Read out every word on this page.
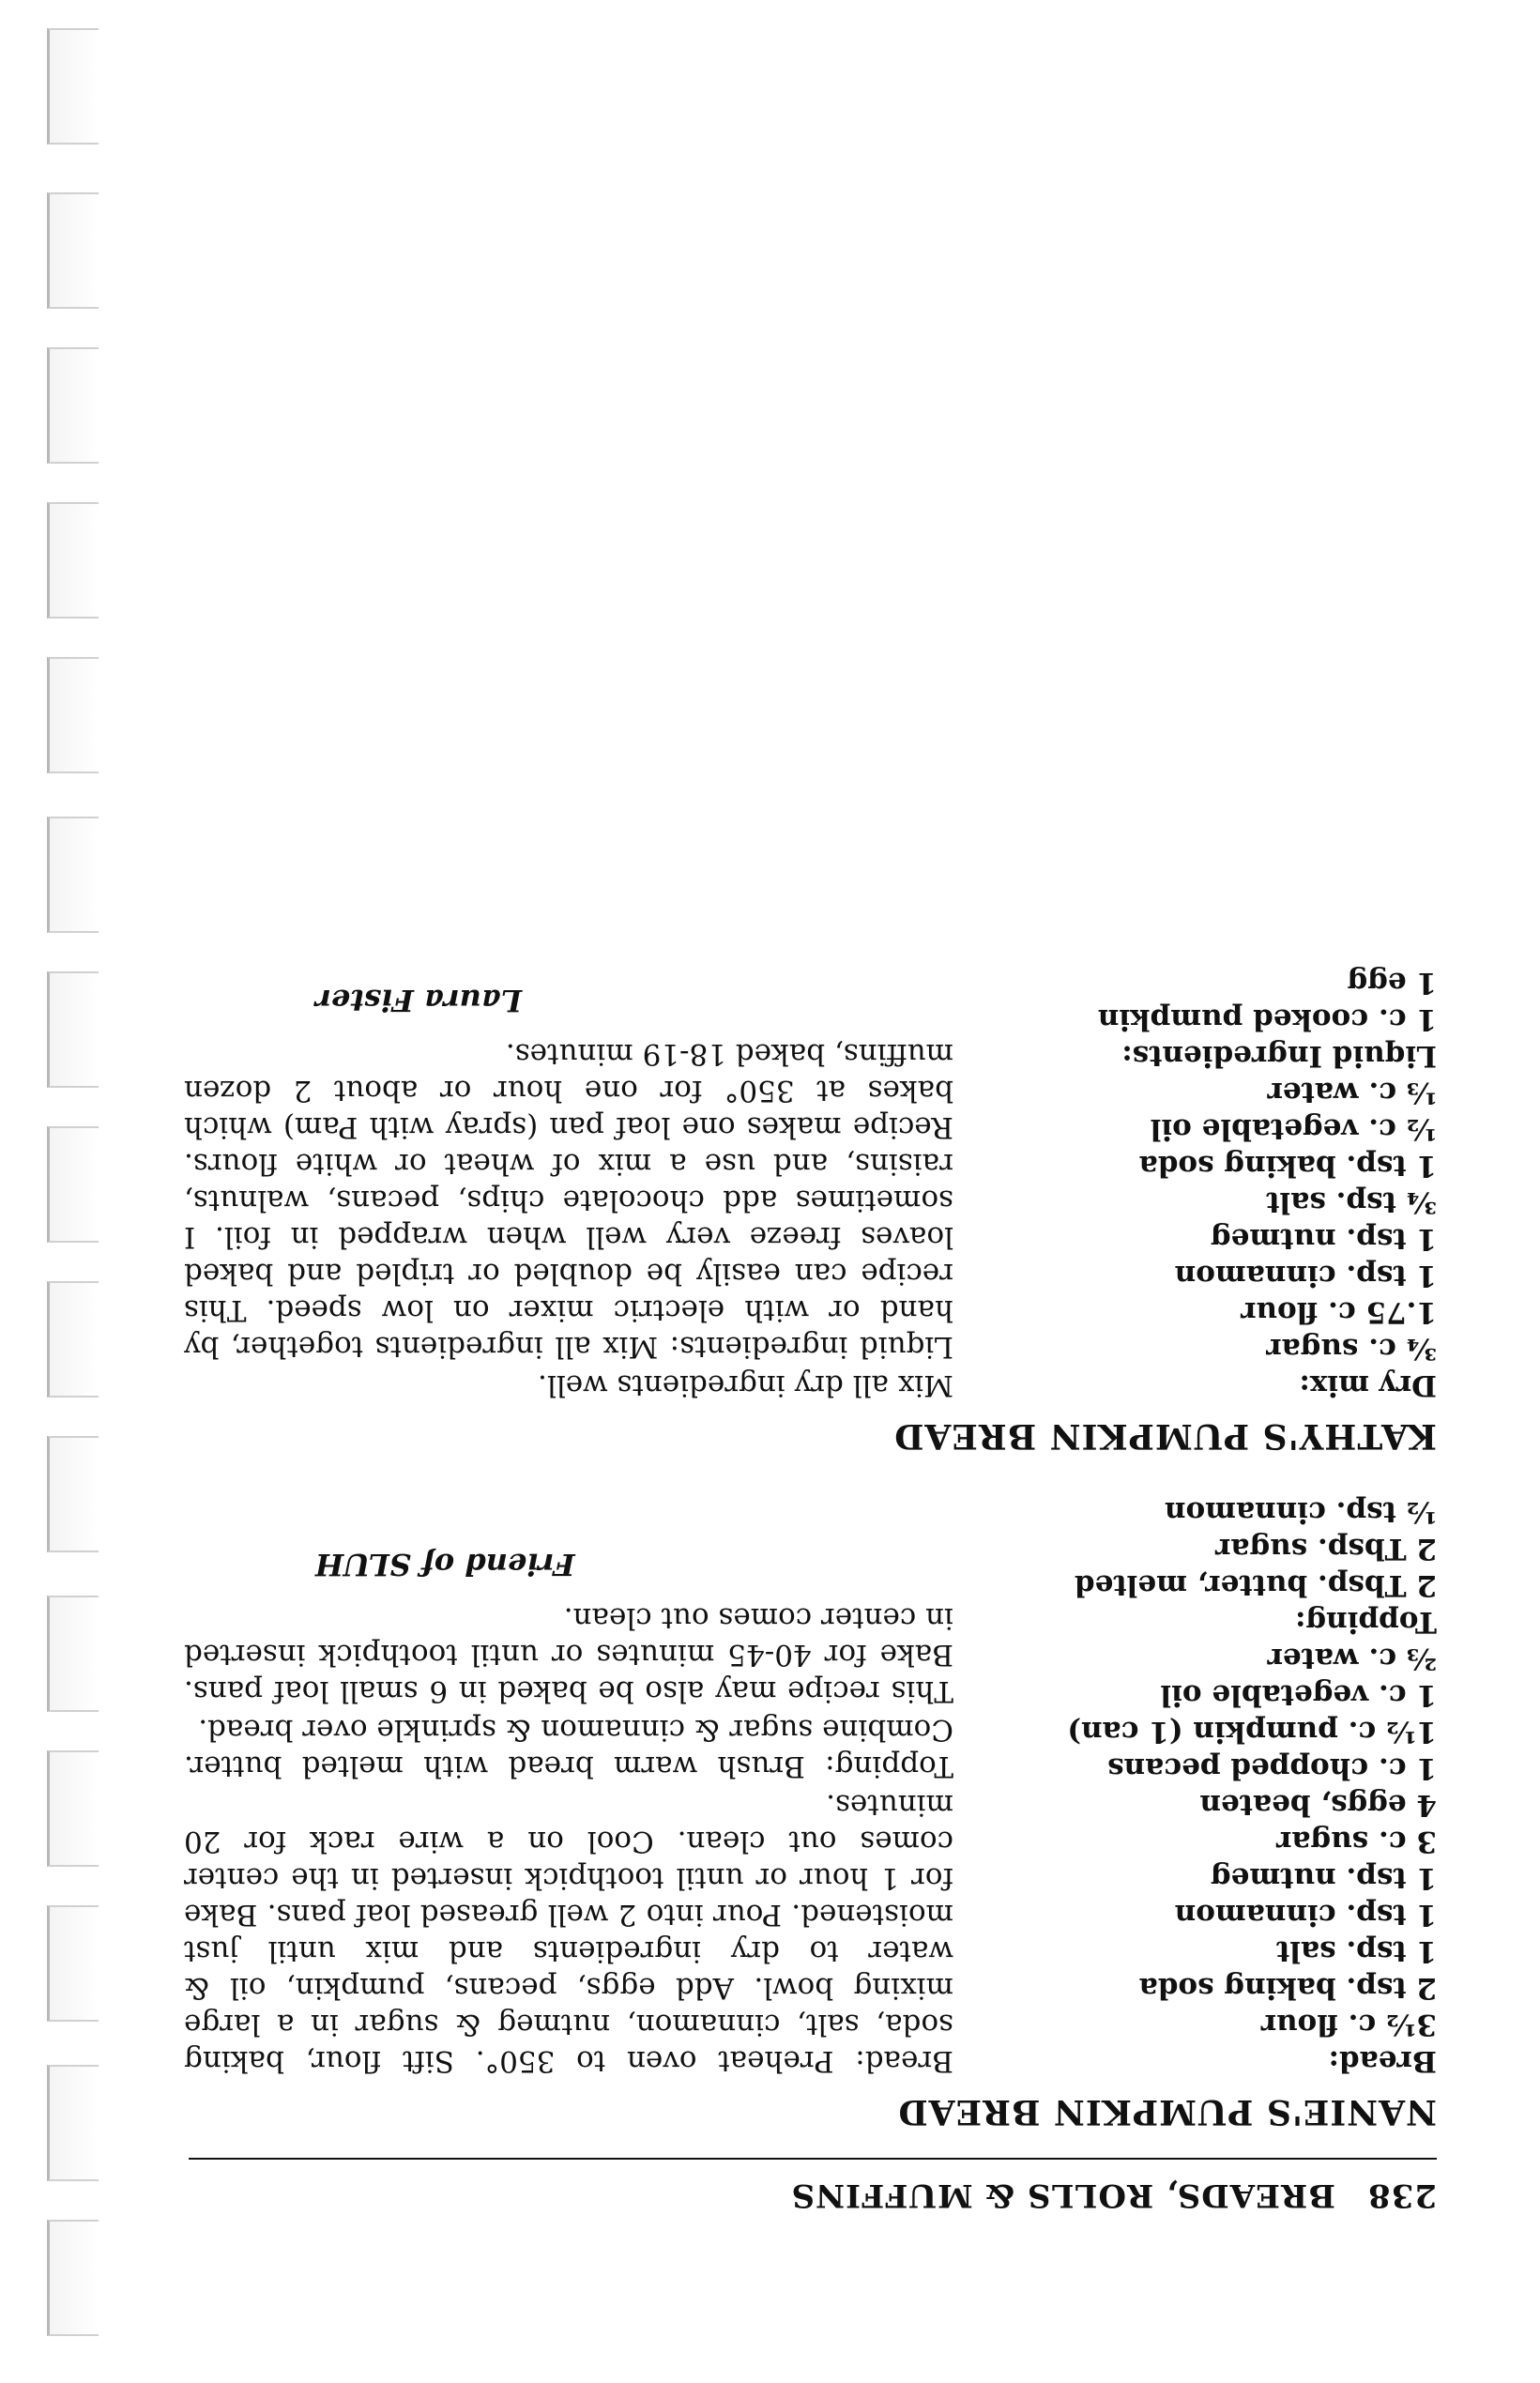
238
BREADS, ROLLS & MUFFINS
NANIE'S PUMPKIN BREAD
Bread:
3½ c. flour
2 tsp. baking soda
1 tsp. salt
1 tsp. cinnamon
1 tsp. nutmeg
3 c. sugar
4 eggs, beaten
1 c. chopped pecans
1½ c. pumpkin (1 can)
1 c. vegetable oil
⅔ c. water
Topping:
2 Tbsp. butter, melted
2 Tbsp. sugar
½ tsp. cinnamon

Bread: Preheat oven to 350°. Sift flour, baking soda, salt, cinnamon, nutmeg & sugar in a large mixing bowl. Add eggs, pecans, pumpkin, oil & water to dry ingredients and mix until just moistened. Pour into 2 well greased loaf pans. Bake for 1 hour or until toothpick inserted in the center comes out clean. Cool on a wire rack for 20 minutes.

Topping: Brush warm bread with melted butter. Combine sugar & cinnamon & sprinkle over bread.

This recipe may also be baked in 6 small loaf pans. Bake for 40-45 minutes or until toothpick inserted in center comes out clean.

Friend of SLUH
KATHY'S PUMPKIN BREAD
Dry mix:
¾ c. sugar
1.75 c. flour
1 tsp. cinnamon
1 tsp. nutmeg
¾ tsp. salt
1 tsp. baking soda
½ c. vegetable oil
⅓ c. water
Liquid Ingredients:
1 c. cooked pumpkin
1 egg

Mix all dry ingredients well.

Liquid ingredients: Mix all ingredients together, by hand or with electric mixer on low speed. This recipe can easily be doubled or tripled and baked loaves freeze very well when wrapped in foil. I sometimes add chocolate chips, pecans, walnuts, raisins, and use a mix of wheat or white flours. Recipe makes one loaf pan (spray with Pam) which bakes at 350° for one hour or about 2 dozen muffins, baked 18-19 minutes.

Laura Fister
